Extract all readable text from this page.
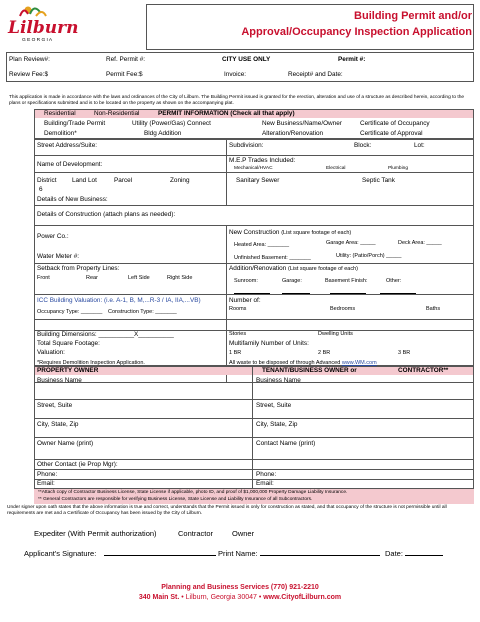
Lilburn
G E O R G I A
Building Permit and/or
Approval/Occupancy Inspection Application
Plan Review#:	Ref. Permit #:	CITY USE ONLY	Permit #:
Review Fee:$	Permit Fee:$	Invoice:	Receipt# and Date:
This application is made in accordance with the laws and ordinances of the City of Lilburn. The Building Permit issued is granted for the erection, alteration and use of a structure as described herein, according to the plans or specifications submitted and is to be located on the property as shown on the accompanying plat.
Residential	Non-Residential	PERMIT INFORMATION (Check all that apply)
Building/Trade Permit	Utility (Power/Gas) Connect	New Business/Name/Owner	Certificate of Occupancy
Demolition*	Bldg Addition	Alteration/Renovation	Certificate of Approval
Street Address/Suite:	Subdivision:	Block:	Lot:
Name of Development:
M.E.P Trades Included:
Mechanical/HVAC	Electrical	Plumbing
District Land Lot	Parcel	Zoning
6
Sanitary Sewer	Septic Tank
Details of New Business:
Details of Construction (attach plans as needed):
Power Co.:
Water Meter #:
New Construction (List square footage of each)
Heated Area: _______	Garage Area: _____	Deck Area: _____
Unfinished Basement: _______	Utility: (Patio/Porch) _____
Setback from Property Lines:
Front	Rear	Left Side	Right Side
Addition/Renovation (List square footage of each)
Sunroom:	Garage:	Basement Finish:	Other:
ICC Building Valuation: (i.e. A-1, B, M,...R-3 / IA, IIA,...VB)
Occupancy Type: _______ Construction Type: _______
Number of:
Rooms	Bedrooms	Baths
Building Dimensions: __________X__________	Stories	Dwelling Units
Total Square Footage:
Valuation:
Multifamily Number of Units:
1 BR	2 BR	3 BR
*Requires Demolition Inspection Application.	All waste to be disposed of through Advanced www.WM.com
PROPERTY OWNER	TENANT/BUSINESS OWNER or	CONTRACTOR**
Business Name	Business Name
Street, Suite	Street, Suite
City, State, Zip	City, State, Zip
Owner Name (print)	Contact Name (print)
Other Contact (ie Prop Mgr):
Phone:	Phone:
Email:	Email:
**Attach copy of Contractor Business License, State License if applicable, photo ID, and proof of $1,000,000 Property Damage Liability Insurance.
** General Contractors are responsible for verifying Business License, State License and Liability Insurance of all Subcontractors.
Under signer upon oath states that the above information is true and correct, understands that the Permit issued is only for construction as stated, and that occupancy of the structure is not permissible until all requirements are met and a Certificate of Occupancy has been issued by the City of Lilburn.
Expediter (With Permit authorization)	Contractor	Owner
Applicant's Signature:	Print Name:	Date:
Planning and Business Services (770) 921-2210
340 Main St. • Lilburn, Georgia 30047 • www.CityofLilburn.com
